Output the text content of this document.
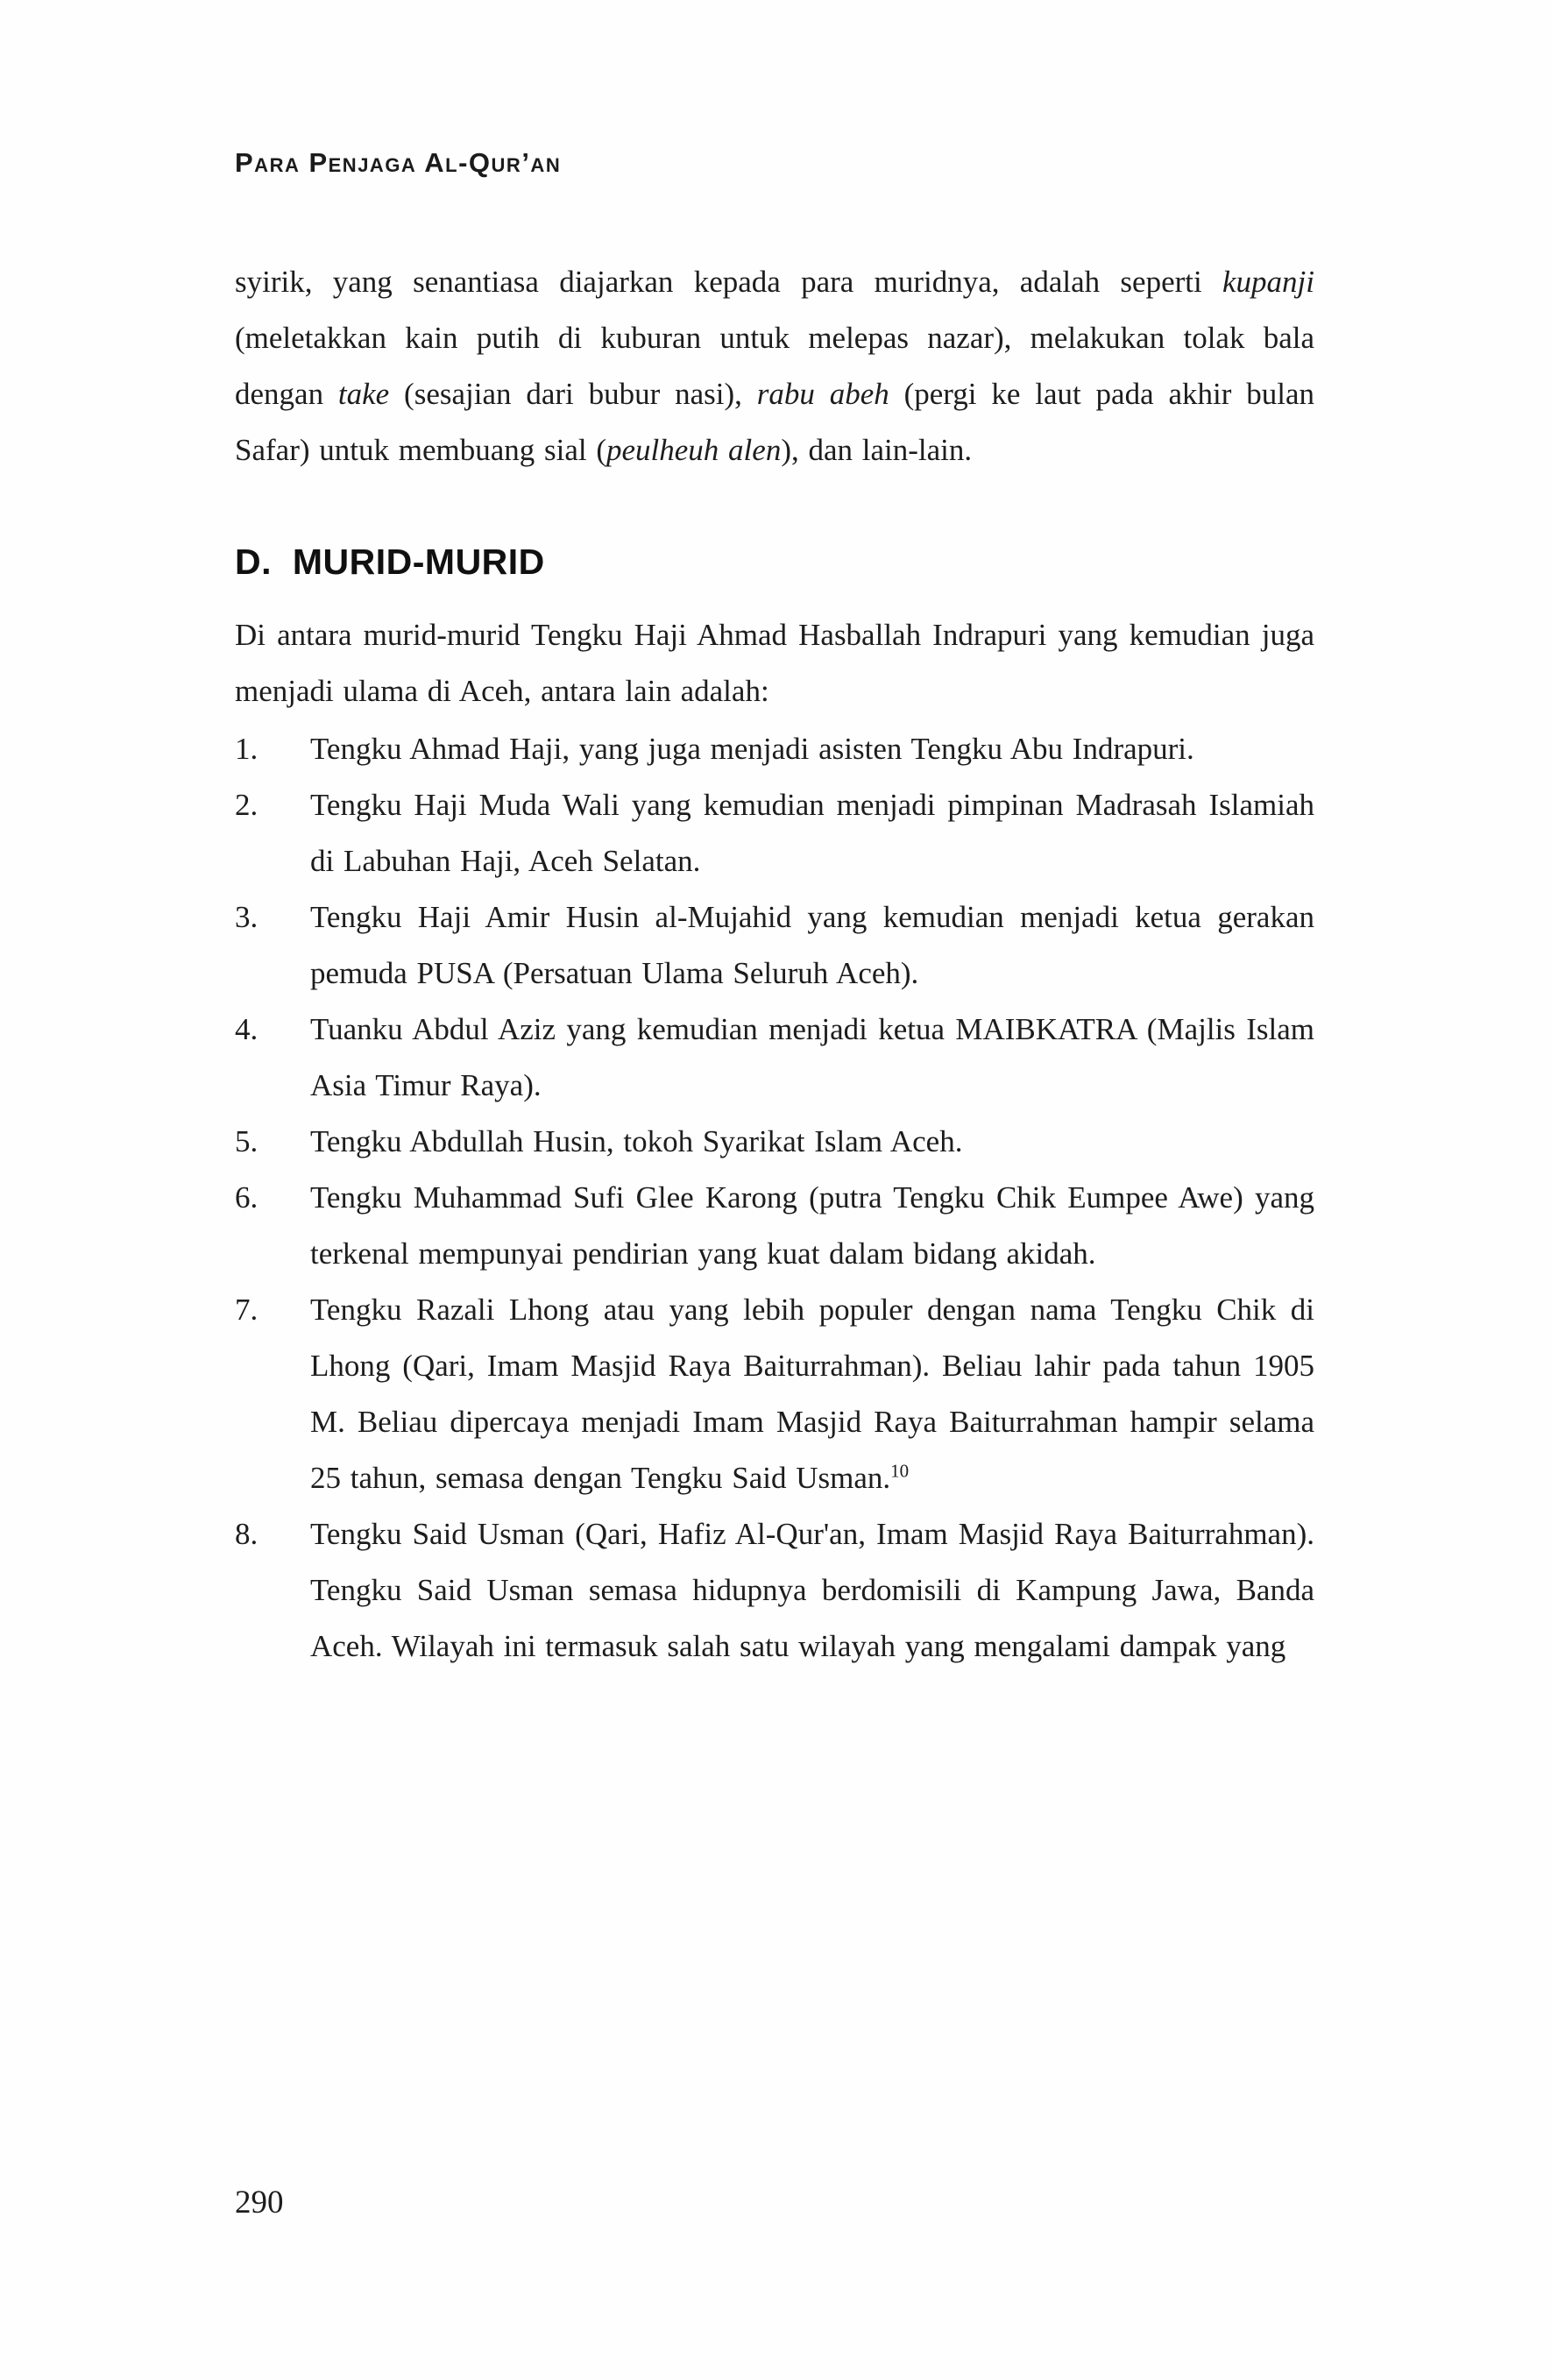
Para Penjaga Al-Qur’an

syirik, yang senantiasa diajarkan kepada para muridnya, adalah seperti kupanji (meletakkan kain putih di kuburan untuk melepas nazar), melakukan tolak bala dengan take (sesajian dari bubur nasi), rabu abeh (pergi ke laut pada akhir bulan Safar) untuk membuang sial (peulheuh alen), dan lain-lain.

D. MURID-MURID

Di antara murid-murid Tengku Haji Ahmad Hasballah Indrapuri yang kemudian juga menjadi ulama di Aceh, antara lain adalah:

1.	Tengku Ahmad Haji, yang juga menjadi asisten Tengku Abu Indrapuri.
2.	Tengku Haji Muda Wali yang kemudian menjadi pimpinan Madrasah Islamiah di Labuhan Haji, Aceh Selatan.
3.	Tengku Haji Amir Husin al-Mujahid yang kemudian menjadi ketua gerakan pemuda PUSA (Persatuan Ulama Seluruh Aceh).
4.	Tuanku Abdul Aziz yang kemudian menjadi ketua MAIBKATRA (Majlis Islam Asia Timur Raya).
5.	Tengku Abdullah Husin, tokoh Syarikat Islam Aceh.
6.	Tengku Muhammad Sufi Glee Karong (putra Tengku Chik Eumpee Awe) yang terkenal mempunyai pendirian yang kuat dalam bidang akidah.
7.	Tengku Razali Lhong atau yang lebih populer dengan nama Tengku Chik di Lhong (Qari, Imam Masjid Raya Baiturrahman). Beliau lahir pada tahun 1905 M. Beliau dipercaya menjadi Imam Masjid Raya Baiturrahman hampir selama 25 tahun, semasa dengan Tengku Said Usman.$^{10}$
8.	Tengku Said Usman (Qari, Hafiz Al-Qur'an, Imam Masjid Raya Baiturrahman). Tengku Said Usman semasa hidupnya berdomisili di Kampung Jawa, Banda Aceh. Wilayah ini termasuk salah satu wilayah yang mengalami dampak yang
290
